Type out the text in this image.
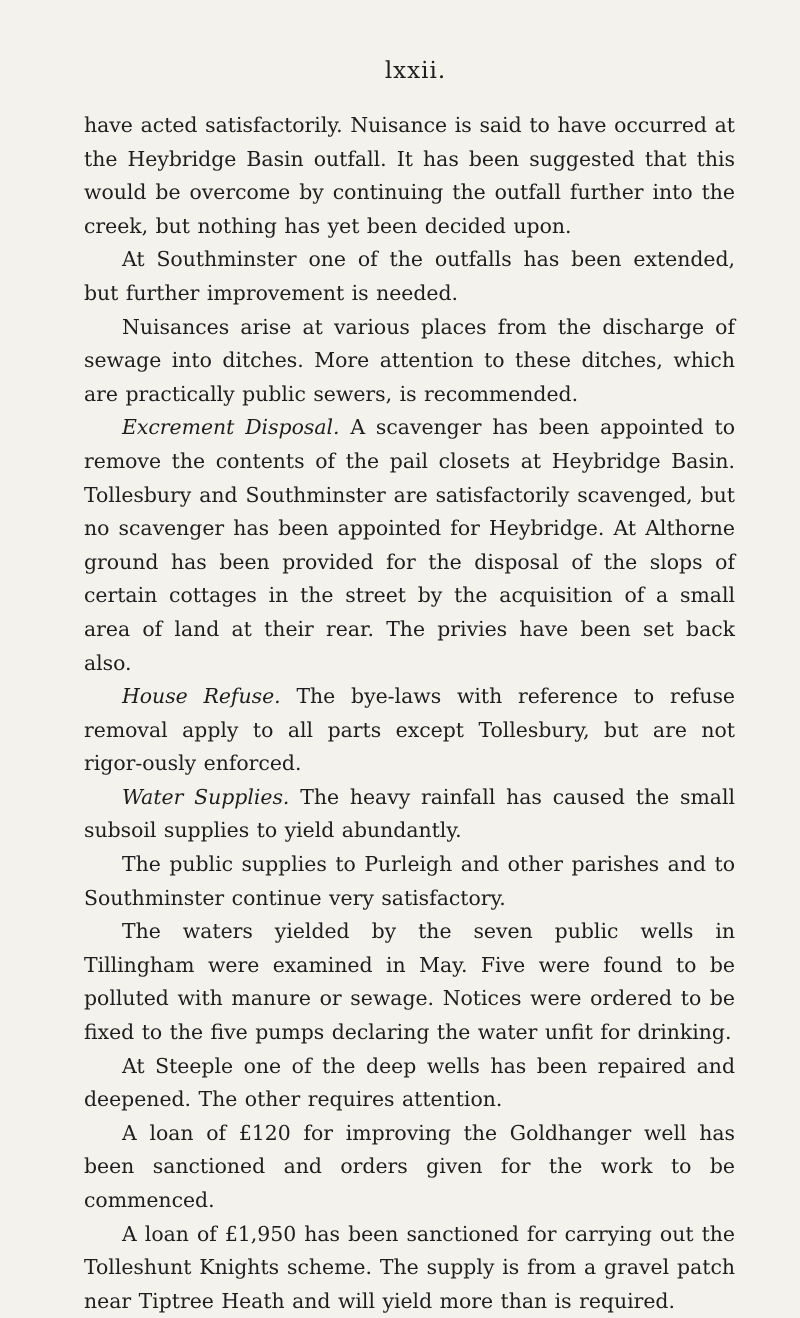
lxxii.

have acted satisfactorily. Nuisance is said to have occurred at the Heybridge Basin outfall. It has been suggested that this would be overcome by continuing the outfall further into the creek, but nothing has yet been decided upon.

At Southminster one of the outfalls has been extended, but further improvement is needed.

Nuisances arise at various places from the discharge of sewage into ditches. More attention to these ditches, which are practically public sewers, is recommended.

Excrement Disposal. A scavenger has been appointed to remove the contents of the pail closets at Heybridge Basin. Tollesbury and Southminster are satisfactorily scavenged, but no scavenger has been appointed for Heybridge. At Althorne ground has been provided for the disposal of the slops of certain cottages in the street by the acquisition of a small area of land at their rear. The privies have been set back also.

House Refuse. The bye-laws with reference to refuse removal apply to all parts except Tollesbury, but are not rigor-ously enforced.

Water Supplies. The heavy rainfall has caused the small subsoil supplies to yield abundantly.

The public supplies to Purleigh and other parishes and to Southminster continue very satisfactory.

The waters yielded by the seven public wells in Tillingham were examined in May. Five were found to be polluted with manure or sewage. Notices were ordered to be fixed to the five pumps declaring the water unfit for drinking.

At Steeple one of the deep wells has been repaired and deepened. The other requires attention.

A loan of £120 for improving the Goldhanger well has been sanctioned and orders given for the work to be commenced.

A loan of £1,950 has been sanctioned for carrying out the Tolleshunt Knights scheme. The supply is from a gravel patch near Tiptree Heath and will yield more than is required.
